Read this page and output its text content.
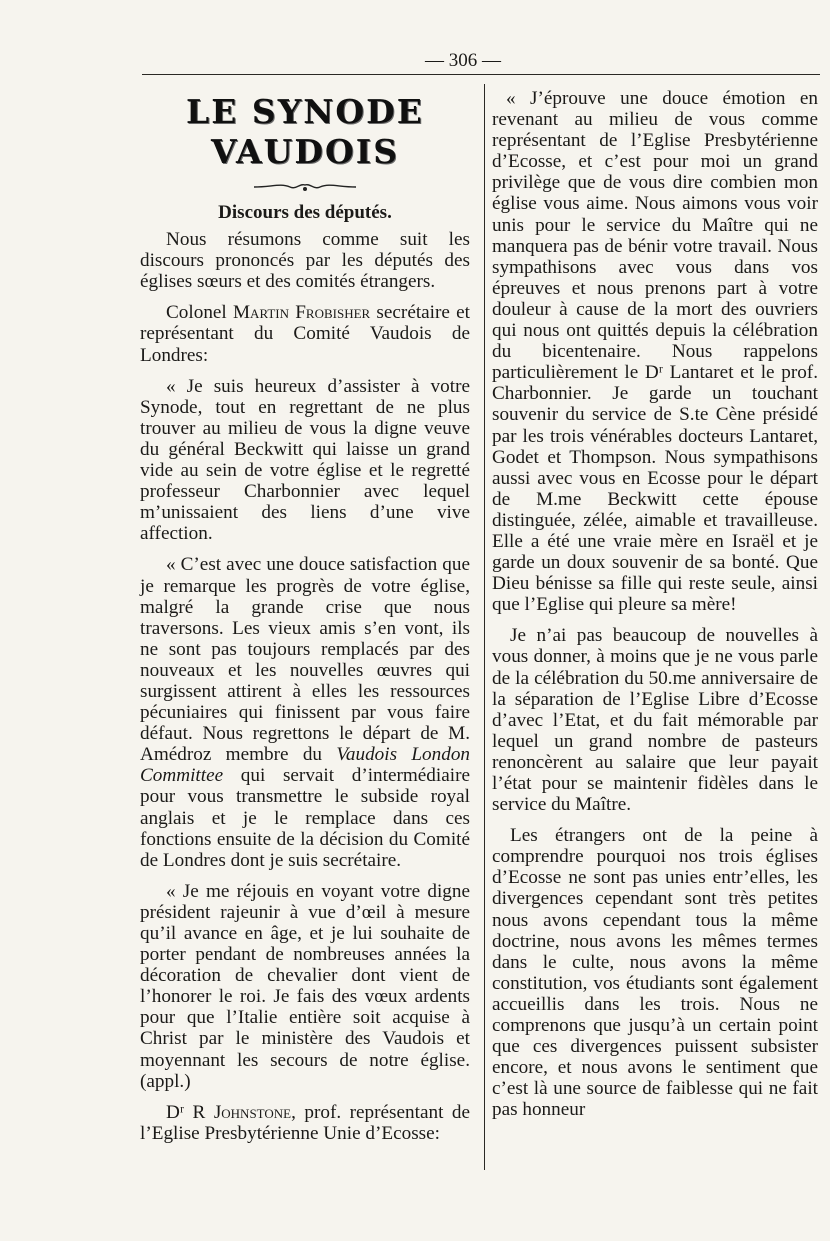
— 306 —
LE SYNODE VAUDOIS
Discours des députés.

Nous résumons comme suit les discours prononcés par les députés des églises sœurs et des comités étrangers.

Colonel Martin Frobisher secrétaire et représentant du Comité Vaudois de Londres:

« Je suis heureux d’assister à votre Synode, tout en regrettant de ne plus trouver au milieu de vous la digne veuve du général Beckwitt qui laisse un grand vide au sein de votre église et le regretté professeur Charbonnier avec lequel m’unissaient des liens d’une vive affection.

« C’est avec une douce satisfaction que je remarque les progrès de votre église, malgré la grande crise que nous traversons. Les vieux amis s’en vont, ils ne sont pas toujours remplacés par des nouveaux et les nouvelles œuvres qui surgissent attirent à elles les ressources pécuniaires qui finissent par vous faire défaut. Nous regrettons le départ de M. Amédroz membre du Vaudois London Committee qui servait d’intermédiaire pour vous transmettre le subside royal anglais et je le remplace dans ces fonctions ensuite de la décision du Comité de Londres dont je suis secrétaire.

« Je me réjouis en voyant votre digne président rajeunir à vue d’œil à mesure qu’il avance en âge, et je lui souhaite de porter pendant de nombreuses années la décoration de chevalier dont vient de l’honorer le roi. Je fais des vœux ardents pour que l’Italie entière soit acquise à Christ par le ministère des Vaudois et moyennant les secours de notre église. (appl.)

Dʳ R Johnstone, prof. représentant de l’Eglise Presbytérienne Unie d’Ecosse:

« J’éprouve une douce émotion en revenant au milieu de vous comme représentant de l’Eglise Presbytérienne d’Ecosse, et c’est pour moi un grand privilège que de vous dire combien mon église vous aime. Nous aimons vous voir unis pour le service du Maître qui ne manquera pas de bénir votre travail. Nous sympathisons avec vous dans vos épreuves et nous prenons part à votre douleur à cause de la mort des ouvriers qui nous ont quittés depuis la célébration du bicentenaire. Nous rappelons particulièrement le Dʳ Lantaret et le prof. Charbonnier. Je garde un touchant souvenir du service de S.te Cène présidé par les trois vénérables docteurs Lantaret, Godet et Thompson. Nous sympathisons aussi avec vous en Ecosse pour le départ de M.me Beckwitt cette épouse distinguée, zélée, aimable et travailleuse. Elle a été une vraie mère en Israël et je garde un doux souvenir de sa bonté. Que Dieu bénisse sa fille qui reste seule, ainsi que l’Eglise qui pleure sa mère!

Je n’ai pas beaucoup de nouvelles à vous donner, à moins que je ne vous parle de la célébration du 50.me anniversaire de la séparation de l’Eglise Libre d’Ecosse d’avec l’Etat, et du fait mémorable par lequel un grand nombre de pasteurs renoncèrent au salaire que leur payait l’état pour se maintenir fidèles dans le service du Maître.

Les étrangers ont de la peine à comprendre pourquoi nos trois églises d’Ecosse ne sont pas unies entr’elles, les divergences cependant sont très petites nous avons cependant tous la même doctrine, nous avons les mêmes termes dans le culte, nous avons la même constitution, vos étudiants sont également accueillis dans les trois. Nous ne comprenons que jusqu’à un certain point que ces divergences puissent subsister encore, et nous avons le sentiment que c’est là une source de faiblesse qui ne fait pas honneur
